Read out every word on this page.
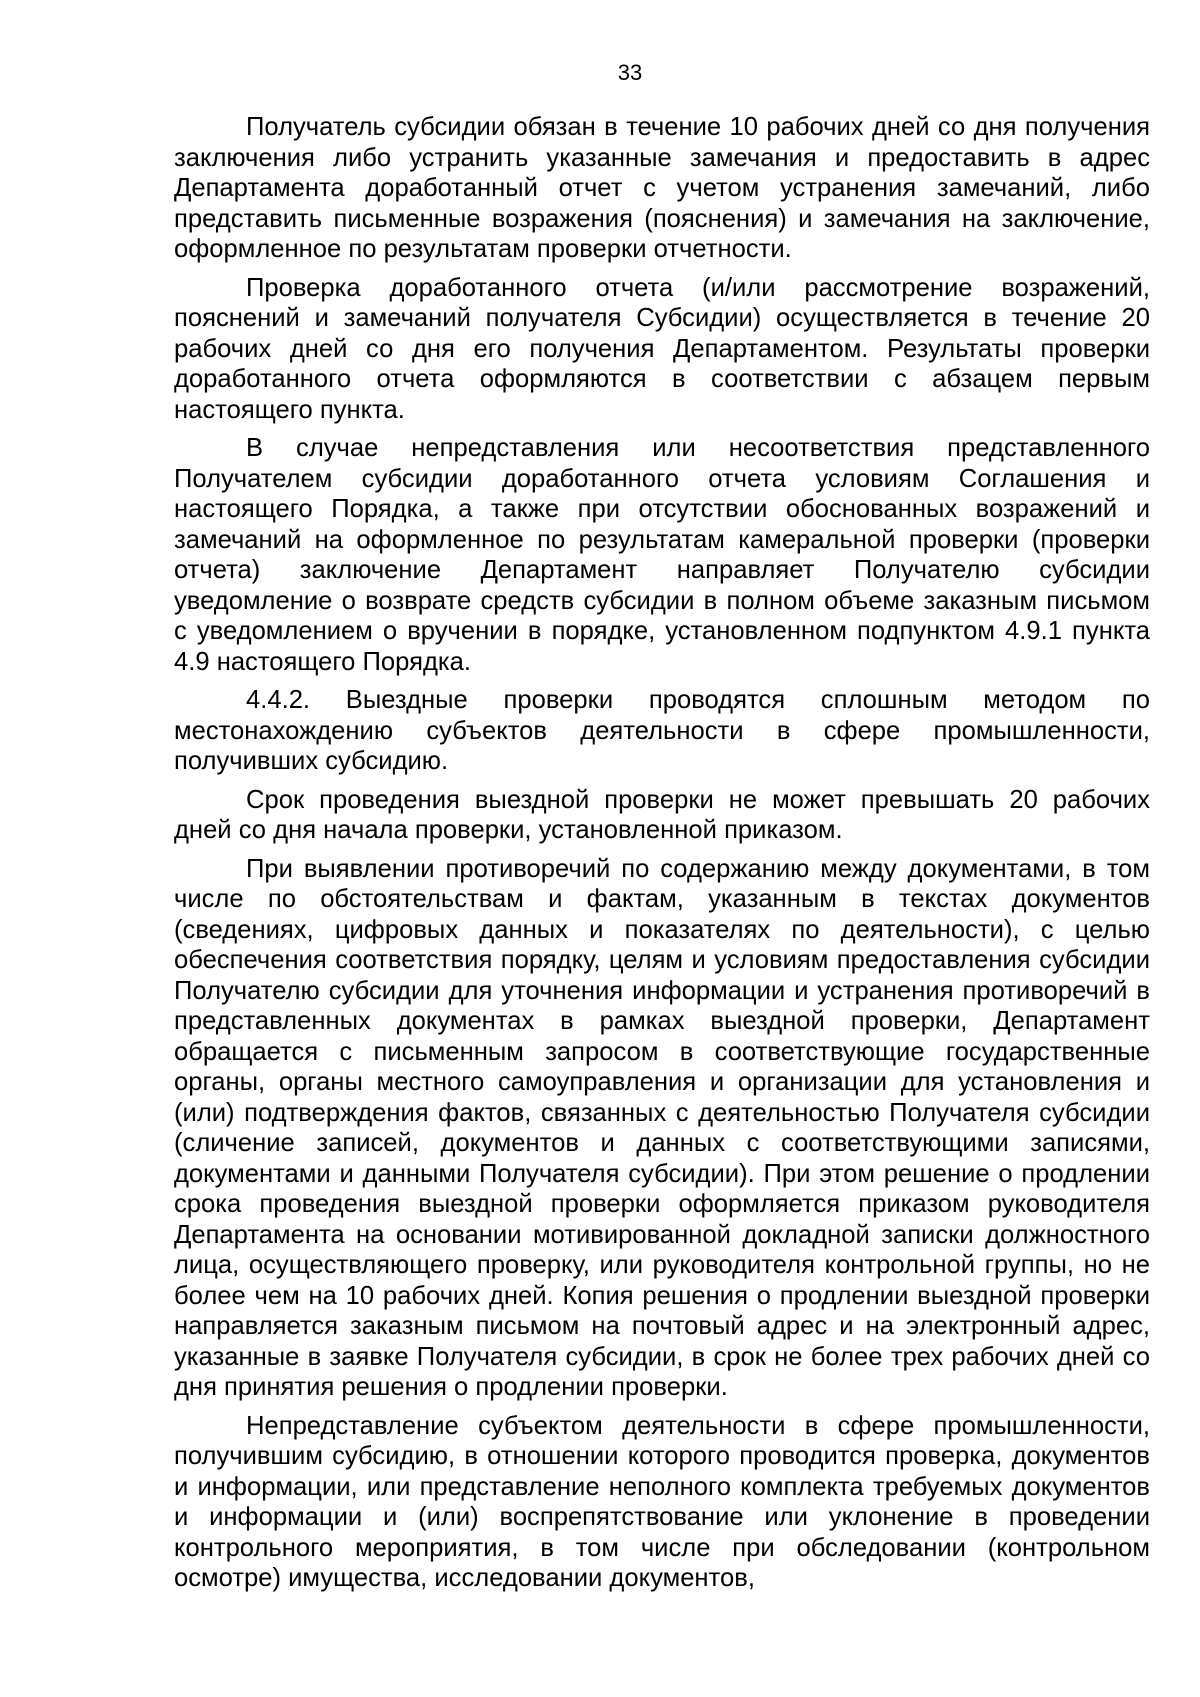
33

Получатель субсидии обязан в течение 10 рабочих дней со дня получения заключения либо устранить указанные замечания и предоставить в адрес Департамента доработанный отчет с учетом устранения замечаний, либо представить письменные возражения (пояснения) и замечания на заключение, оформленное по результатам проверки отчетности.

Проверка доработанного отчета (и/или рассмотрение возражений, пояснений и замечаний получателя Субсидии) осуществляется в течение 20 рабочих дней со дня его получения Департаментом. Результаты проверки доработанного отчета оформляются в соответствии с абзацем первым настоящего пункта.

В случае непредставления или несоответствия представленного Получателем субсидии доработанного отчета условиям Соглашения и настоящего Порядка, а также при отсутствии обоснованных возражений и замечаний на оформленное по результатам камеральной проверки (проверки отчета) заключение Департамент направляет Получателю субсидии уведомление о возврате средств субсидии в полном объеме заказным письмом с уведомлением о вручении в порядке, установленном подпунктом 4.9.1 пункта 4.9 настоящего Порядка.

4.4.2. Выездные проверки проводятся сплошным методом по местонахождению субъектов деятельности в сфере промышленности, получивших субсидию.

Срок проведения выездной проверки не может превышать 20 рабочих дней со дня начала проверки, установленной приказом.

При выявлении противоречий по содержанию между документами, в том числе по обстоятельствам и фактам, указанным в текстах документов (сведениях, цифровых данных и показателях по деятельности), с целью обеспечения соответствия порядку, целям и условиям предоставления субсидии Получателю субсидии для уточнения информации и устранения противоречий в представленных документах в рамках выездной проверки, Департамент обращается с письменным запросом в соответствующие государственные органы, органы местного самоуправления и организации для установления и (или) подтверждения фактов, связанных с деятельностью Получателя субсидии (сличение записей, документов и данных с соответствующими записями, документами и данными Получателя субсидии). При этом решение о продлении срока проведения выездной проверки оформляется приказом руководителя Департамента на основании мотивированной докладной записки должностного лица, осуществляющего проверку, или руководителя контрольной группы, но не более чем на 10 рабочих дней. Копия решения о продлении выездной проверки направляется заказным письмом на почтовый адрес и на электронный адрес, указанные в заявке Получателя субсидии, в срок не более трех рабочих дней со дня принятия решения о продлении проверки.

Непредставление субъектом деятельности в сфере промышленности, получившим субсидию, в отношении которого проводится проверка, документов и информации, или представление неполного комплекта требуемых документов и информации и (или) воспрепятствование или уклонение в проведении контрольного мероприятия, в том числе при обследовании (контрольном осмотре) имущества, исследовании документов,
